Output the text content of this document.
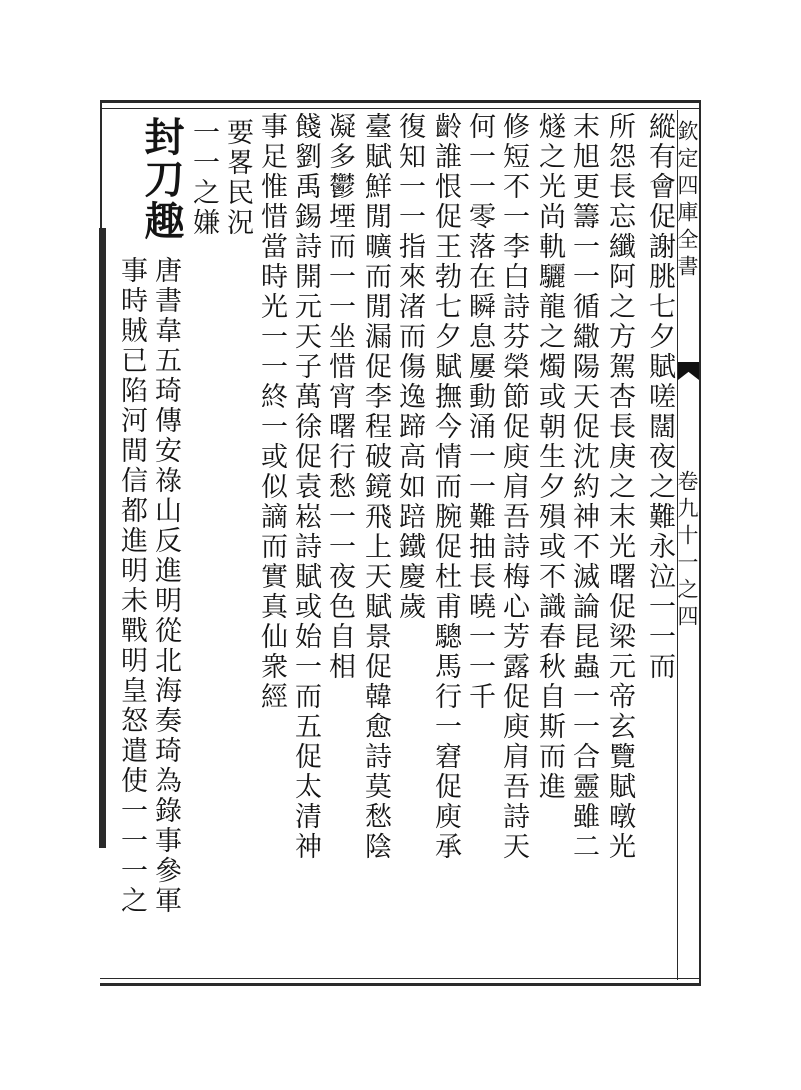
欽定四庫全書
卷九十一之四
縱有會促謝朓七夕賦嗟闊夜之難永泣一一而
所怨長忘纖阿之方駕杏長庚之末光曙促梁元帝玄覽賦暾光
末旭更籌一一循繖陽天促沈約神不滅論昆蟲一一合靈雖二
燧之光尚軌驪龍之燭或朝生夕殞或不識春秋自斯而進
修短不一李白詩芬榮節促庾肩吾詩梅心芳露促庾肩吾詩天
何一一零落在瞬息屢動涌一一難抽長曉一一千
齡誰恨促王勃七夕賦撫今情而腕促杜甫驄馬行一窘促庾承
復知一一指來渚而傷逸蹄高如踣鐵慶歲
臺賦鮮閒曠而閒漏促李程破鏡飛上天賦景促韓愈詩莫愁陰
凝多鬱堙而一一坐惜宵曙行愁一一夜色自相
餞劉禹錫詩開元天子萬徐促袁崧詩賦或始一而五促太清神
事足惟惜當時光一一終一或似謫而實真仙衆經
要畧民況
一一之嫌
封刀趣
唐書韋五琦傳安祿山反進明從北海奏琦為錄事參軍
事時賊已陷河間信都進明未戰明皇怒遣使一一一之
